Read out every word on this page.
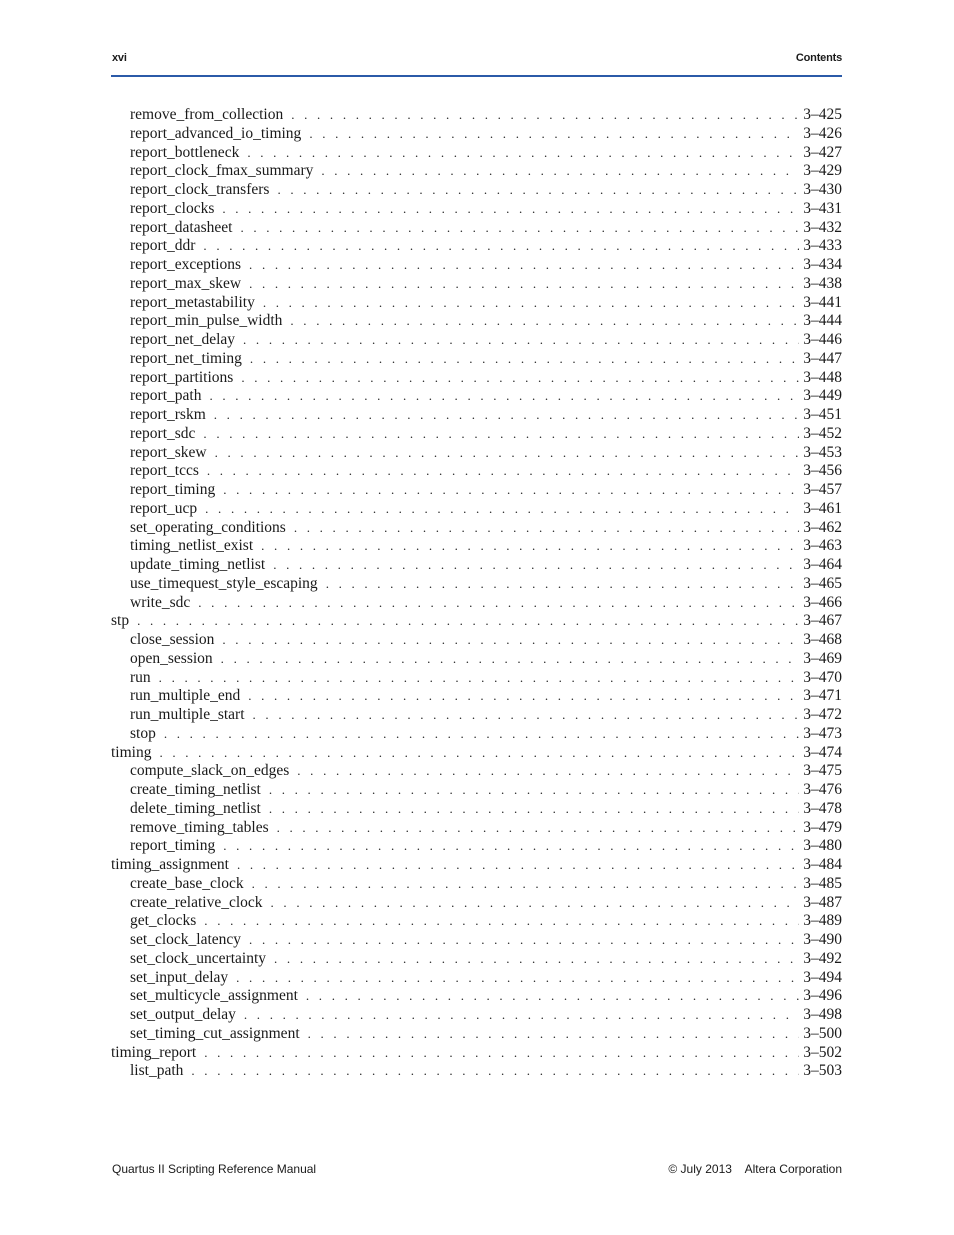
xvi	Contents
remove_from_collection . . .	3–425
report_advanced_io_timing . . .	3–426
report_bottleneck . . .	3–427
report_clock_fmax_summary . . .	3–429
report_clock_transfers . . .	3–430
report_clocks . . .	3–431
report_datasheet . . .	3–432
report_ddr . . .	3–433
report_exceptions . . .	3–434
report_max_skew . . .	3–438
report_metastability . . .	3–441
report_min_pulse_width . . .	3–444
report_net_delay . . .	3–446
report_net_timing . . .	3–447
report_partitions . . .	3–448
report_path . . .	3–449
report_rskm . . .	3–451
report_sdc . . .	3–452
report_skew . . .	3–453
report_tccs . . .	3–456
report_timing . . .	3–457
report_ucp . . .	3–461
set_operating_conditions . . .	3–462
timing_netlist_exist . . .	3–463
update_timing_netlist . . .	3–464
use_timequest_style_escaping . . .	3–465
write_sdc . . .	3–466
stp . . .	3–467
close_session . . .	3–468
open_session . . .	3–469
run . . .	3–470
run_multiple_end . . .	3–471
run_multiple_start . . .	3–472
stop . . .	3–473
timing . . .	3–474
compute_slack_on_edges . . .	3–475
create_timing_netlist . . .	3–476
delete_timing_netlist . . .	3–478
remove_timing_tables . . .	3–479
report_timing . . .	3–480
timing_assignment . . .	3–484
create_base_clock . . .	3–485
create_relative_clock . . .	3–487
get_clocks . . .	3–489
set_clock_latency . . .	3–490
set_clock_uncertainty . . .	3–492
set_input_delay . . .	3–494
set_multicycle_assignment . . .	3–496
set_output_delay . . .	3–498
set_timing_cut_assignment . . .	3–500
timing_report . . .	3–502
list_path . . .	3–503
Quartus II Scripting Reference Manual	© July 2013 Altera Corporation
